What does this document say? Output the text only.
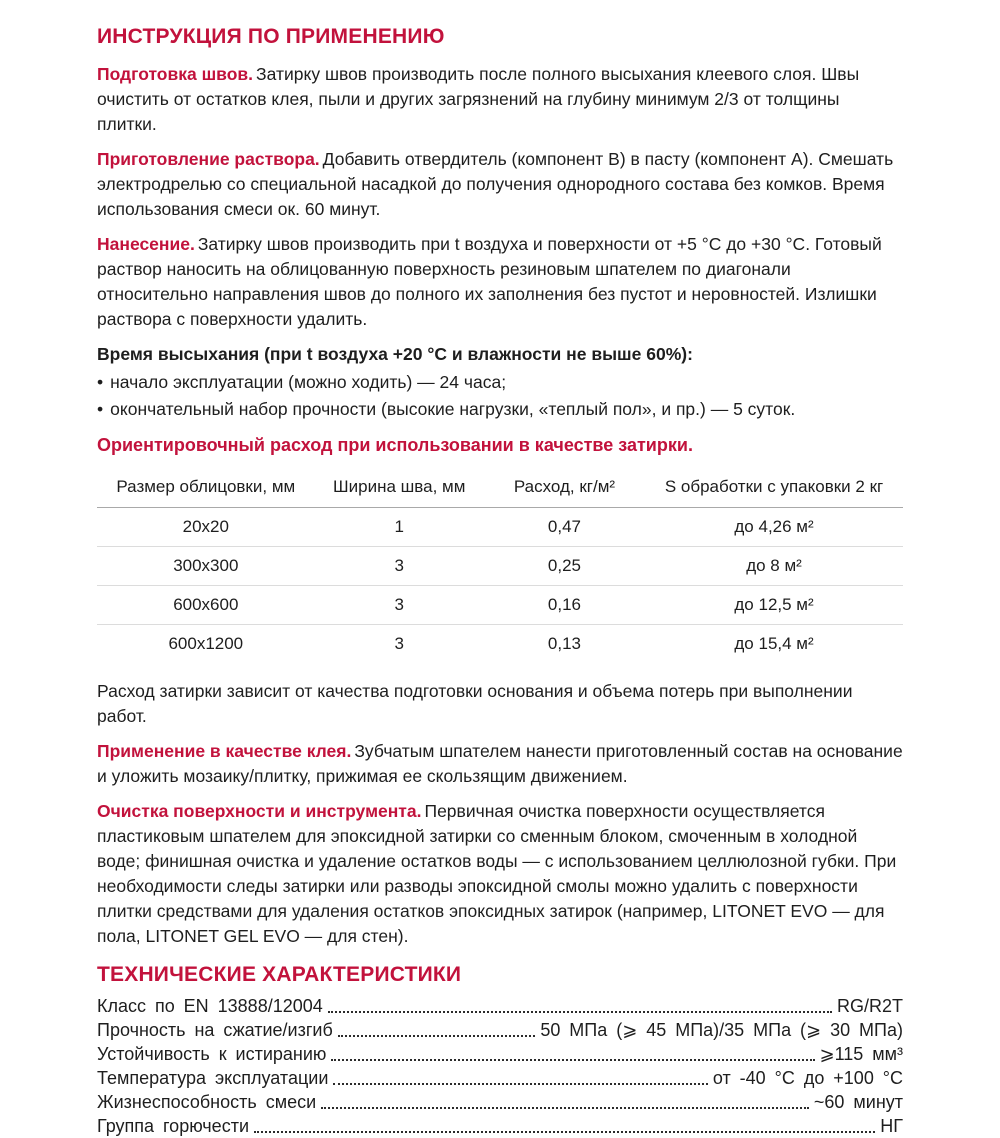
ИНСТРУКЦИЯ ПО ПРИМЕНЕНИЮ

Подготовка швов. Затирку швов производить после полного высыхания клеевого слоя. Швы очистить от остатков клея, пыли и других загрязнений на глубину минимум 2/3 от толщины плитки.

Приготовление раствора. Добавить отвердитель (компонент В) в пасту (компонент А). Смешать электродрелью со специальной насадкой до получения однородного состава без комков. Время использования смеси ок. 60 минут.

Нанесение. Затирку швов производить при t воздуха и поверхности от +5 °C до +30 °C. Готовый раствор наносить на облицованную поверхность резиновым шпателем по диагонали относительно направления швов до полного их заполнения без пустот и неровностей. Излишки раствора с поверхности удалить.

Время высыхания (при t воздуха +20 °C и влажности не выше 60%):

• начало эксплуатации (можно ходить) — 24 часа;
• окончательный набор прочности (высокие нагрузки, «теплый пол», и пр.) — 5 суток.

Ориентировочный расход при использовании в качестве затирки.

Размер облицовки, мм	Ширина шва, мм	Расход, кг/м²	S обработки с упаковки 2 кг
20х20	1	0,47	до 4,26 м²
300х300	3	0,25	до 8 м²
600х600	3	0,16	до 12,5 м²
600х1200	3	0,13	до 15,4 м²

Расход затирки зависит от качества подготовки основания и объема потерь при выполнении работ.

Применение в качестве клея. Зубчатым шпателем нанести приготовленный состав на основание и уложить мозаику/плитку, прижимая ее скользящим движением.

Очистка поверхности и инструмента. Первичная очистка поверхности осуществляется пластиковым шпателем для эпоксидной затирки со сменным блоком, смоченным в холодной воде; финишная очистка и удаление остатков воды — с использованием целлюлозной губки. При необходимости следы затирки или разводы эпоксидной смолы можно удалить с поверхности плитки средствами для удаления остатков эпоксидных затирок (например, LITONET EVO — для пола, LITONET GEL EVO — для стен).

ТЕХНИЧЕСКИЕ ХАРАКТЕРИСТИКИ
Класс по EN 13888/12004	RG/R2T
Прочность на сжатие/изгиб	50 МПа (⩾ 45 МПа)/35 МПа (⩾ 30 МПа)
Устойчивость к истиранию	⩾115 мм³
Температура эксплуатации	от -40 °C до +100 °C
Жизнеспособность смеси	~60 минут
Группа горючести	НГ
